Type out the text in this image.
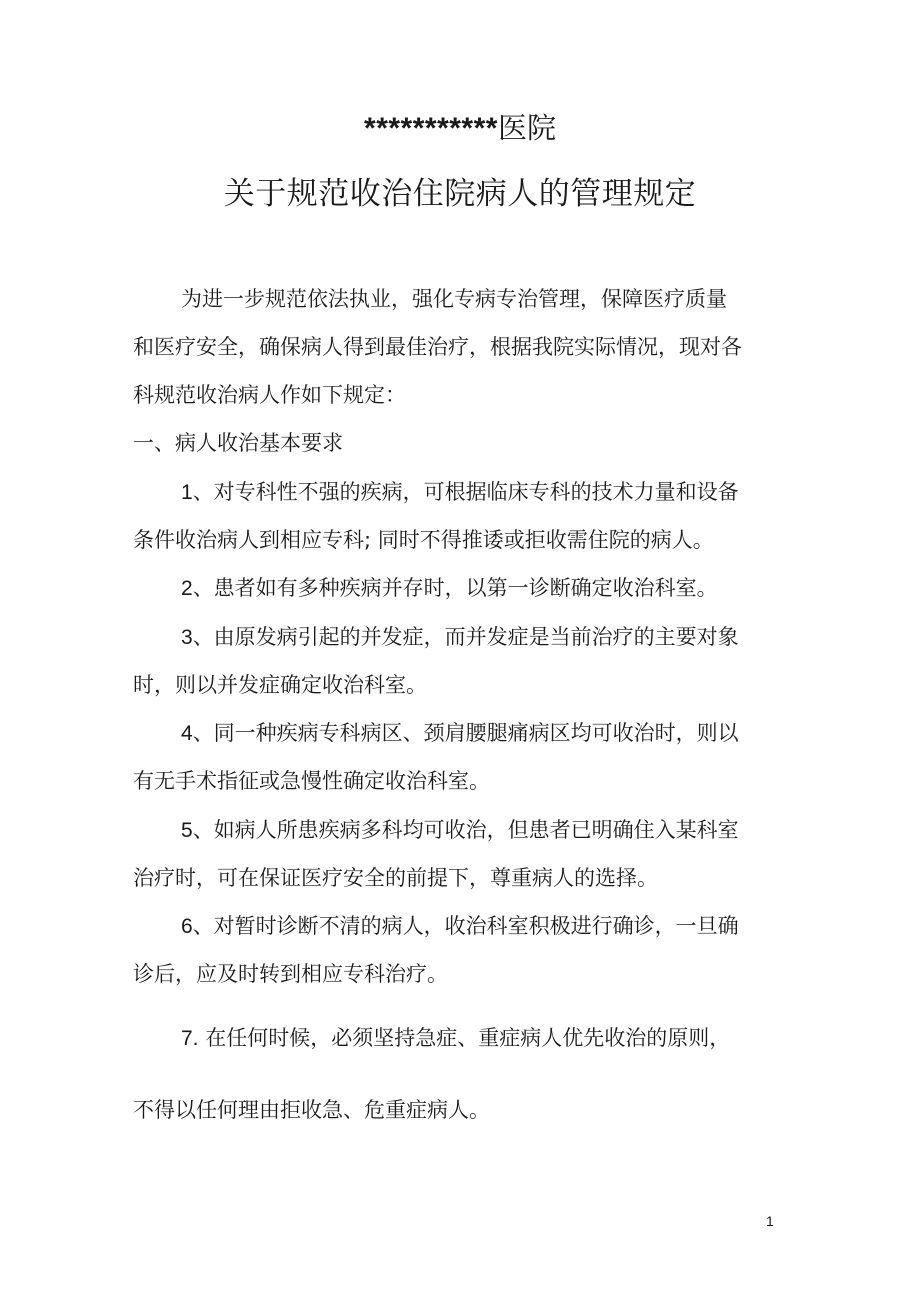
***********医院
关于规范收治住院病人的管理规定
为进一步规范依法执业，强化专病专治管理，保障医疗质量
和医疗安全，确保病人得到最佳治疗，根据我院实际情况，现对各
科规范收治病人作如下规定：
一、病人收治基本要求
1、对专科性不强的疾病，可根据临床专科的技术力量和设备
条件收治病人到相应专科; 同时不得推诿或拒收需住院的病人。
2、患者如有多种疾病并存时，以第一诊断确定收治科室。
3、由原发病引起的并发症，而并发症是当前治疗的主要对象
时，则以并发症确定收治科室。
4、同一种疾病专科病区、颈肩腰腿痛病区均可收治时，则以
有无手术指征或急慢性确定收治科室。
5、如病人所患疾病多科均可收治，但患者已明确住入某科室
治疗时，可在保证医疗安全的前提下，尊重病人的选择。
6、对暂时诊断不清的病人，收治科室积极进行确诊，一旦确
诊后，应及时转到相应专科治疗。
7. 在任何时候，必须坚持急症、重症病人优先收治的原则，
不得以任何理由拒收急、危重症病人。
1
